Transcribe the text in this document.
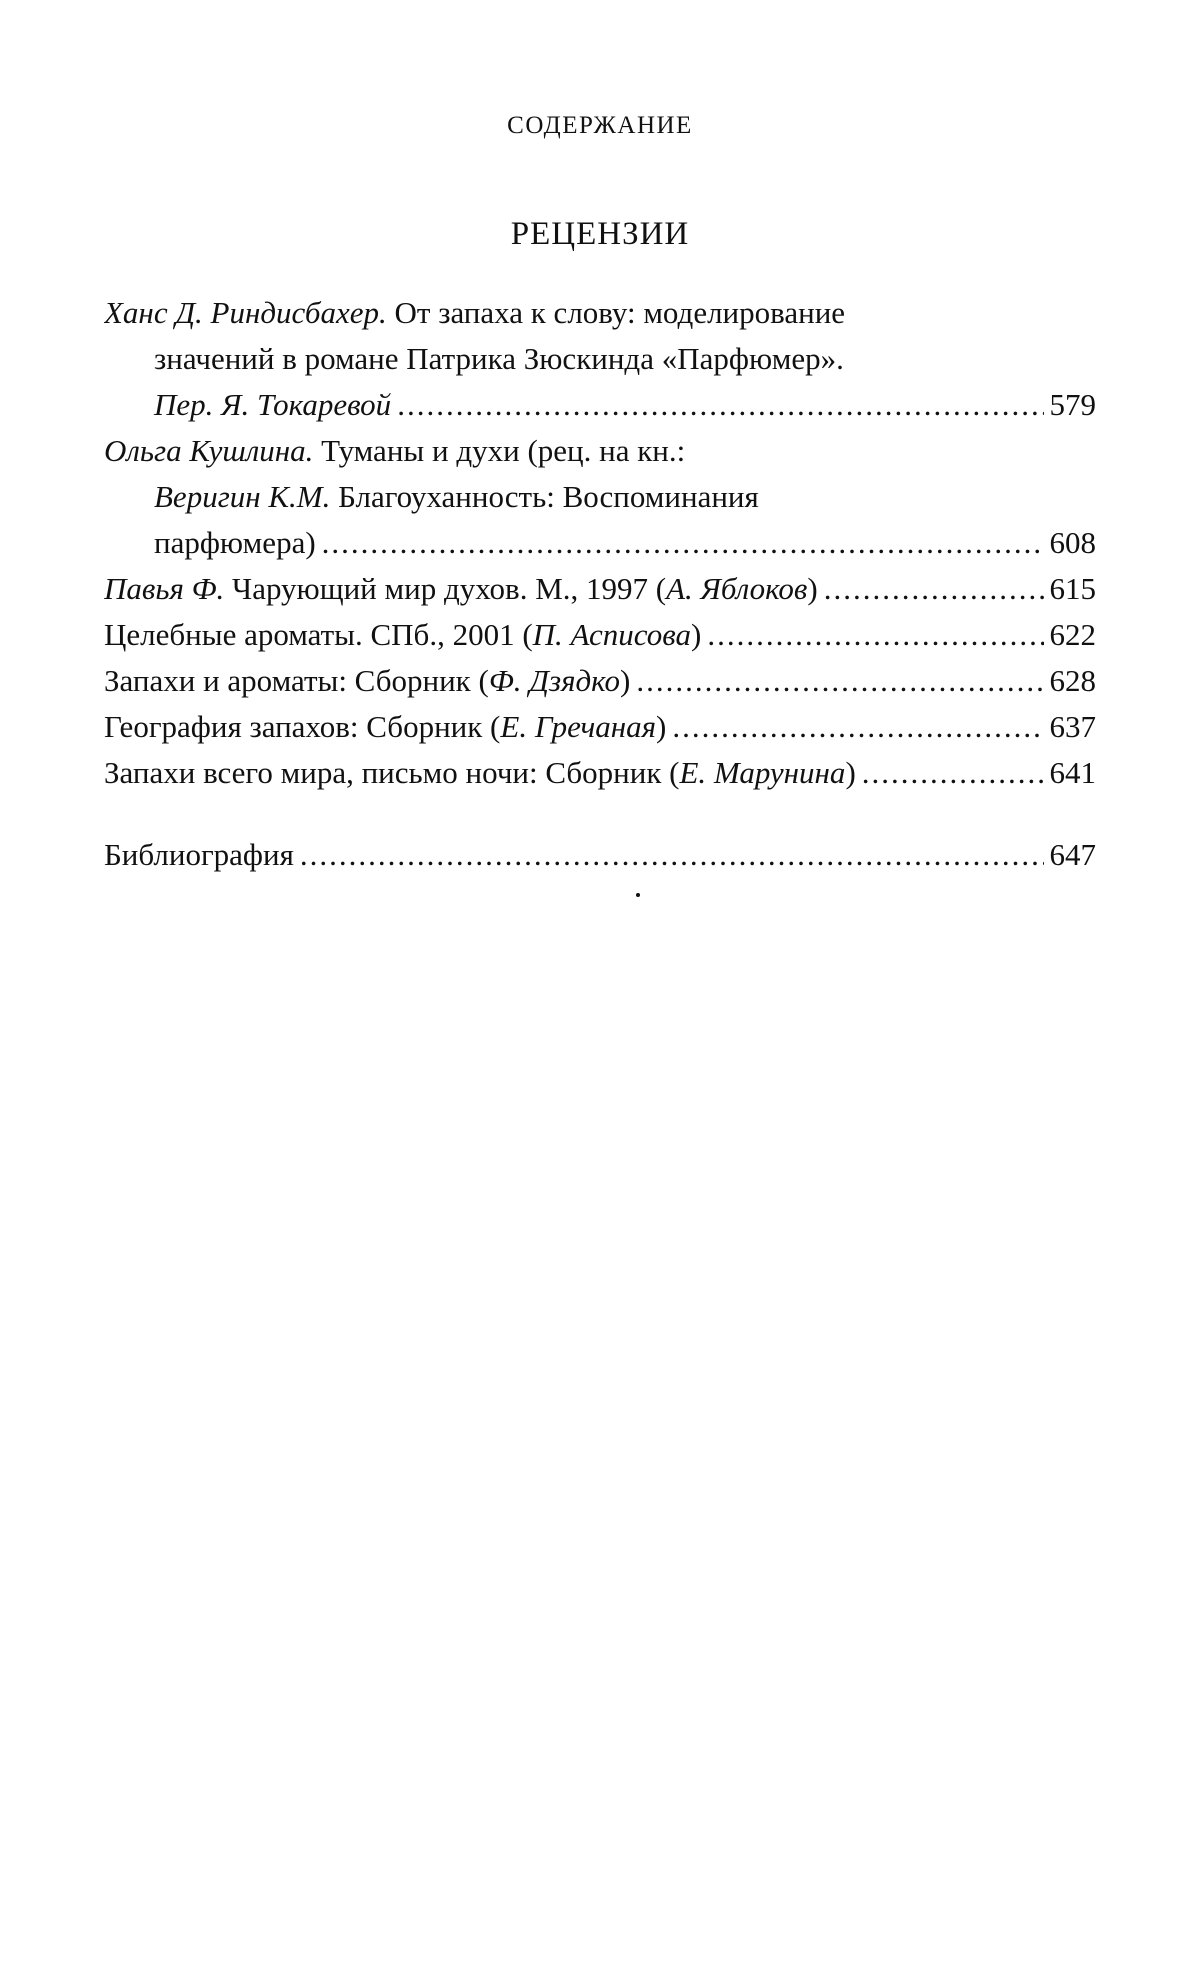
СОДЕРЖАНИЕ
РЕЦЕНЗИИ
Ханс Д. Риндисбахер. От запаха к слову: моделирование
значений в романе Патрика Зюскинда «Парфюмер».
Пер. Я. Токаревой .....	579
Ольга Кушлина. Туманы и духи (рец. на кн.:
Веригин К.М. Благоуханность: Воспоминания
парфюмера) .....	608
Павья Ф. Чарующий мир духов. М., 1997 (А. Яблоков) .....	615
Целебные ароматы. СПб., 2001 (П. Асписова) .....	622
Запахи и ароматы: Сборник (Ф. Дзядко) .....	628
География запахов: Сборник (Е. Гречаная) .....	637
Запахи всего мира, письмо ночи: Сборник (Е. Марунина) .....	641
Библиография .....	647
